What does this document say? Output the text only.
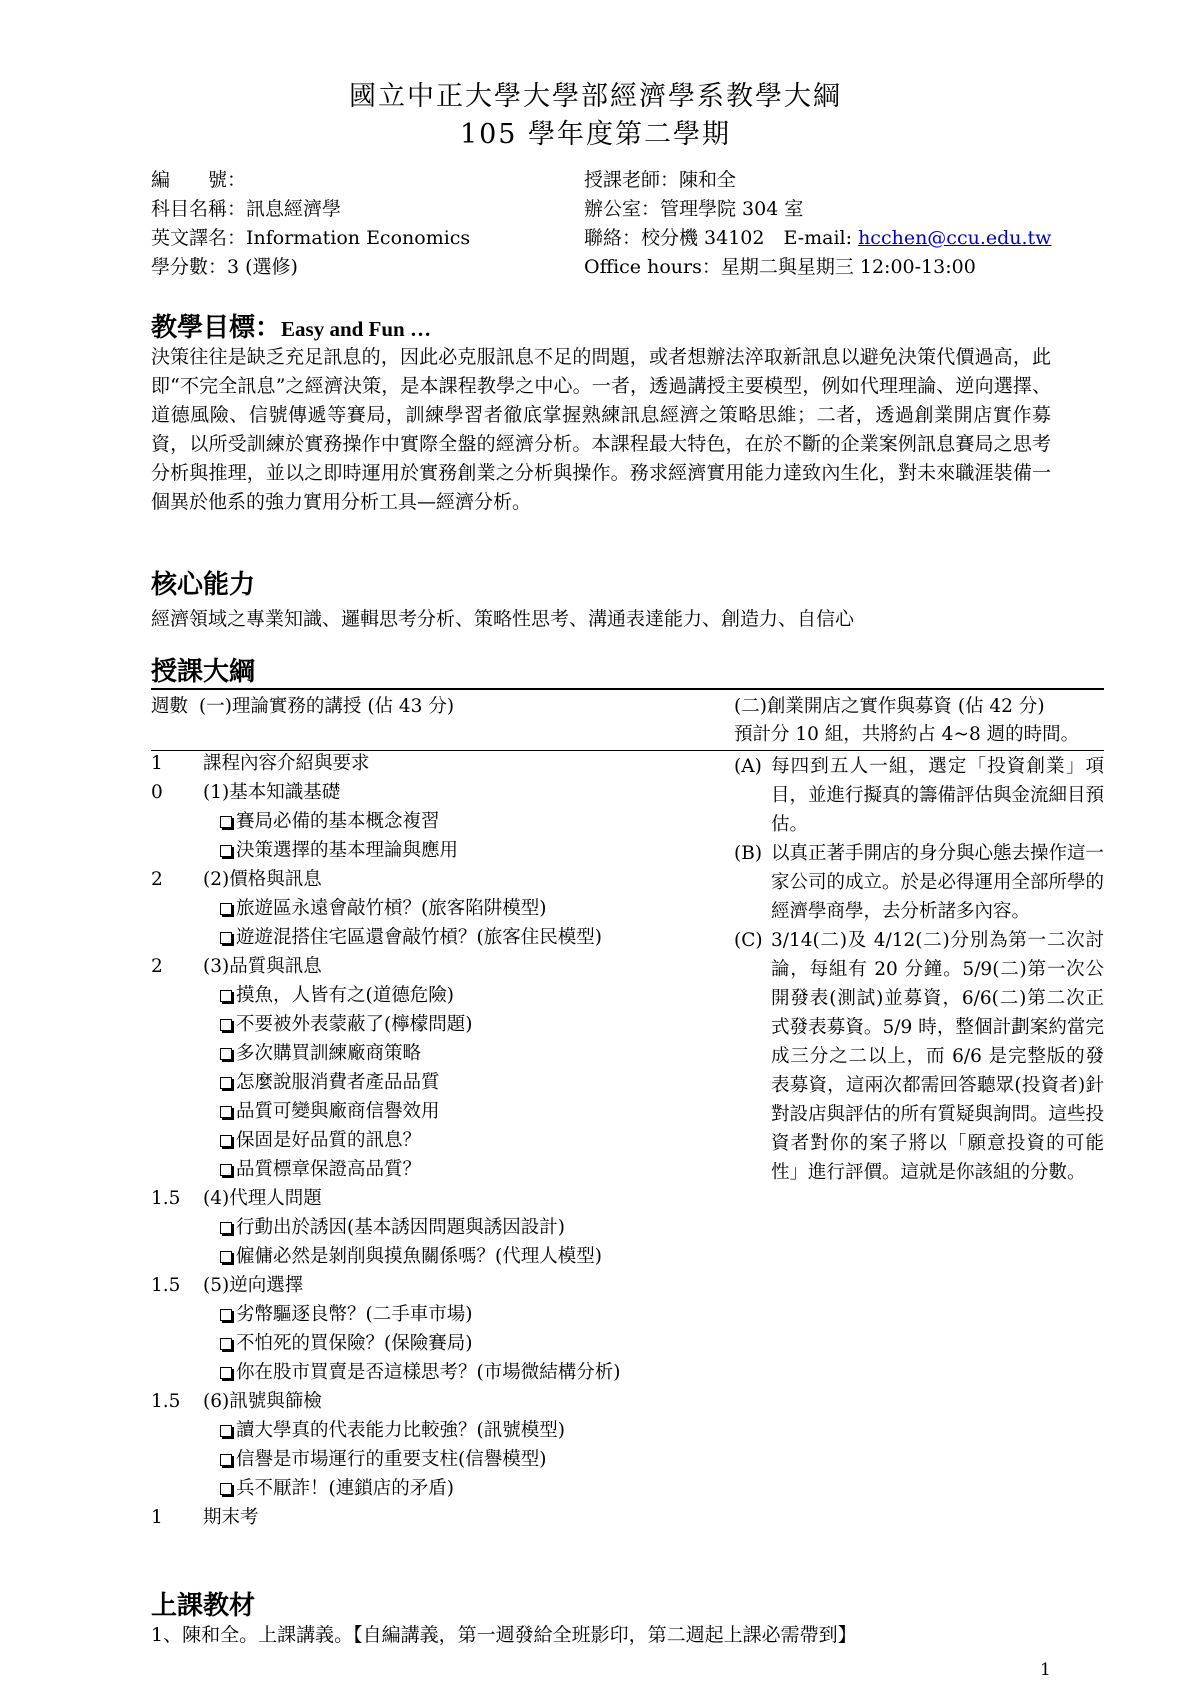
國立中正大學大學部經濟學系教學大綱
105 學年度第二學期
編　　號：
科目名稱：訊息經濟學
英文譯名：Information Economics
學分數：3 (選修)
授課老師：陳和全
辦公室：管理學院 304 室
聯絡：校分機 34102　E-mail: hcchen@ccu.edu.tw
Office hours：星期二與星期三 12:00-13:00
教學目標：Easy and Fun …
決策往往是缺乏充足訊息的，因此必克服訊息不足的問題，或者想辦法淬取新訊息以避免決策代價過高，此即“不完全訊息”之經濟決策，是本課程教學之中心。一者，透過講授主要模型，例如代理理論、逆向選擇、道德風險、信號傳遞等賽局，訓練學習者徹底掌握熟練訊息經濟之策略思維；二者，透過創業開店實作募資，以所受訓練於實務操作中實際全盤的經濟分析。本課程最大特色，在於不斷的企業案例訊息賽局之思考分析與推理，並以之即時運用於實務創業之分析與操作。務求經濟實用能力達致內生化，對未來職涯裝備一個異於他系的強力實用分析工具—經濟分析。
核心能力
經濟領域之專業知識、邏輯思考分析、策略性思考、溝通表達能力、創造力、自信心
授課大綱
週數 (一)理論實務的講授 (佔 43 分)	(二)創業開店之實作與募資 (佔 42 分)
預計分 10 組，共將約占 4~8 週的時間。
1 課程內容介紹與要求
0 (1)基本知識基礎
賽局必備的基本概念複習
決策選擇的基本理論與應用
2 (2)價格與訊息
旅遊區永遠會敲竹槓？(旅客陷阱模型)
遊遊混搭住宅區還會敲竹槓？(旅客住民模型)
2 (3)品質與訊息
摸魚，人皆有之(道德危險)
不要被外表蒙蔽了(檸檬問題)
多次購買訓練廠商策略
怎麼說服消費者產品品質
品質可變與廠商信譽效用
保固是好品質的訊息？
品質標章保證高品質？
1.5 (4)代理人問題
行動出於誘因(基本誘因問題與誘因設計)
僱傭必然是剝削與摸魚關係嗎？(代理人模型)
1.5 (5)逆向選擇
劣幣驅逐良幣？(二手車市場)
不怕死的買保險？(保險賽局)
你在股市買賣是否這樣思考？(市場微結構分析)
1.5 (6)訊號與篩檢
讀大學真的代表能力比較強？(訊號模型)
信譽是市場運行的重要支柱(信譽模型)
兵不厭詐！(連鎖店的矛盾)
1 期末考
(A) 每四到五人一組，選定「投資創業」項目，並進行擬真的籌備評估與金流細目預估。
(B) 以真正著手開店的身分與心態去操作這一家公司的成立。於是必得運用全部所學的經濟學商學，去分析諸多內容。
(C) 3/14(二)及 4/12(二)分別為第一二次討論，每組有 20 分鐘。5/9(二)第一次公開發表(測試)並募資，6/6(二)第二次正式發表募資。5/9 時，整個計劃案約當完成三分之二以上，而 6/6 是完整版的發表募資，這兩次都需回答聽眾(投資者)針對設店與評估的所有質疑與詢問。這些投資者對你的案子將以「願意投資的可能性」進行評價。這就是你該組的分數。
上課教材
1、陳和全。上課講義。【自編講義，第一週發給全班影印，第二週起上課必需帶到】
1
